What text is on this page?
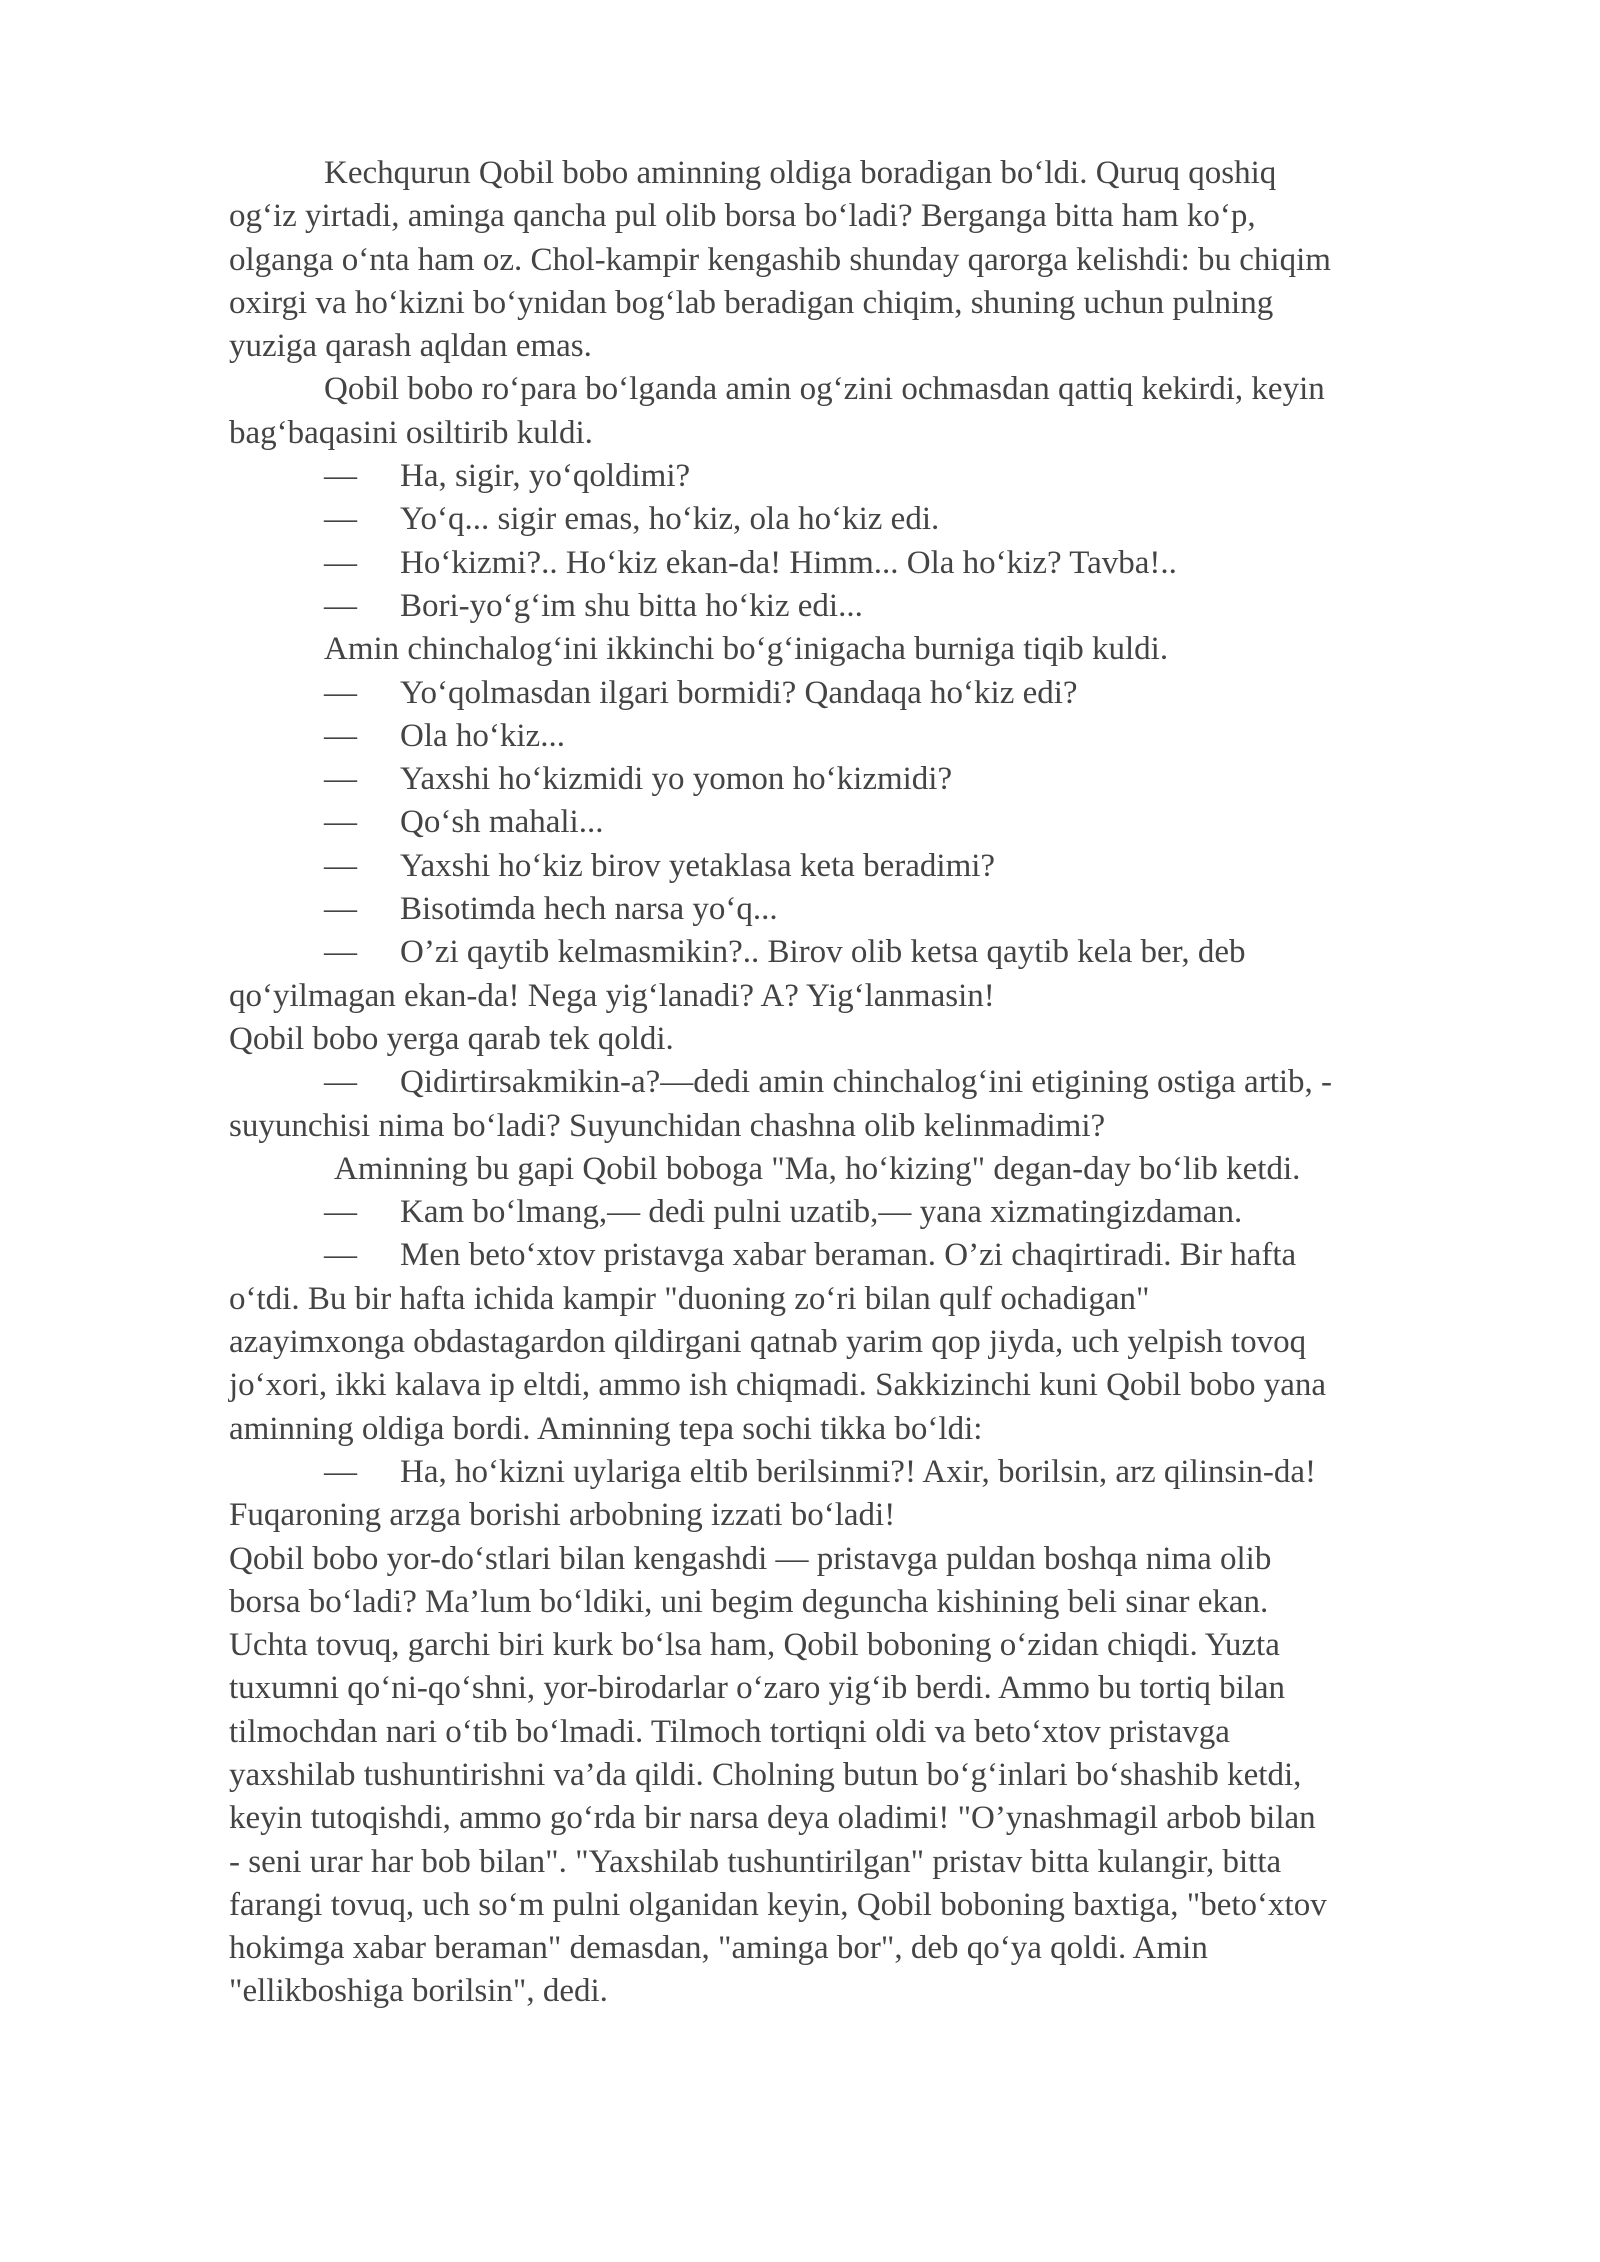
Kechqurun Qobil bobo aminning oldiga boradigan bo‘ldi. Quruq qoshiq
og‘iz yirtadi, aminga qancha pul olib borsa bo‘ladi? Berganga bitta ham ko‘p,
olganga o‘nta ham oz. Chol-kampir kengashib shunday qarorga kelishdi: bu chiqim
oxirgi va ho‘kizni bo‘ynidan bog‘lab beradigan chiqim, shuning uchun pulning
yuziga qarash aqldan emas.
Qobil bobo ro‘para bo‘lganda amin og‘zini ochmasdan qattiq kekirdi, keyin
bag‘baqasini osiltirib kuldi.
— Ha, sigir, yo‘qoldimi?
— Yo‘q... sigir emas, ho‘kiz, ola ho‘kiz edi.
— Ho‘kizmi?.. Ho‘kiz ekan-da! Himm... Ola ho‘kiz? Tavba!..
— Bori-yo‘g‘im shu bitta ho‘kiz edi...
Amin chinchalog‘ini ikkinchi bo‘g‘inigacha burniga tiqib kuldi.
— Yo‘qolmasdan ilgari bormidi? Qandaqa ho‘kiz edi?
— Ola ho‘kiz...
— Yaxshi ho‘kizmidi yo yomon ho‘kizmidi?
— Qo‘sh mahali...
— Yaxshi ho‘kiz birov yetaklasa keta beradimi?
— Bisotimda hech narsa yo‘q...
— O’zi qaytib kelmasmikin?.. Birov olib ketsa qaytib kela ber, deb
qo‘yilmagan ekan-da! Nega yig‘lanadi? A? Yig‘lanmasin!
Qobil bobo yerga qarab tek qoldi.
— Qidirtirsakmikin-a?—dedi amin chinchalog‘ini etigining ostiga artib, -
suyunchisi nima bo‘ladi? Suyunchidan chashna olib kelinmadimi?
Aminning bu gapi Qobil boboga "Ma, ho‘kizing" degan-day bo‘lib ketdi.
— Kam bo‘lmang,— dedi pulni uzatib,— yana xizmatingizdaman.
— Men beto‘xtov pristavga xabar beraman. O’zi chaqirtiradi. Bir hafta
o‘tdi. Bu bir hafta ichida kampir "duoning zo‘ri bilan qulf ochadigan"
azayimxonga obdastagardon qildirgani qatnab yarim qop jiyda, uch yelpish tovoq
jo‘xori, ikki kalava ip eltdi, ammo ish chiqmadi. Sakkizinchi kuni Qobil bobo yana
aminning oldiga bordi. Aminning tepa sochi tikka bo‘ldi:
— Ha, ho‘kizni uylariga eltib berilsinmi?! Axir, borilsin, arz qilinsin-da!
Fuqaroning arzga borishi arbobning izzati bo‘ladi!
Qobil bobo yor-do‘stlari bilan kengashdi — pristavga puldan boshqa nima olib
borsa bo‘ladi? Ma’lum bo‘ldiki, uni begim deguncha kishining beli sinar ekan.
Uchta tovuq, garchi biri kurk bo‘lsa ham, Qobil boboning o‘zidan chiqdi. Yuzta
tuxumni qo‘ni-qo‘shni, yor-birodarlar o‘zaro yig‘ib berdi. Ammo bu tortiq bilan
tilmochdan nari o‘tib bo‘lmadi. Tilmoch tortiqni oldi va beto‘xtov pristavga
yaxshilab tushuntirishni va’da qildi. Cholning butun bo‘g‘inlari bo‘shashib ketdi,
keyin tutoqishdi, ammo go‘rda bir narsa deya oladimi! "O’ynashmagil arbob bilan
- seni urar har bob bilan". "Yaxshilab tushuntirilgan" pristav bitta kulangir, bitta
farangi tovuq, uch so‘m pulni olganidan keyin, Qobil boboning baxtiga, "beto‘xtov
hokimga xabar beraman" demasdan, "aminga bor", deb qo‘ya qoldi. Amin
"ellikboshiga borilsin", dedi.
